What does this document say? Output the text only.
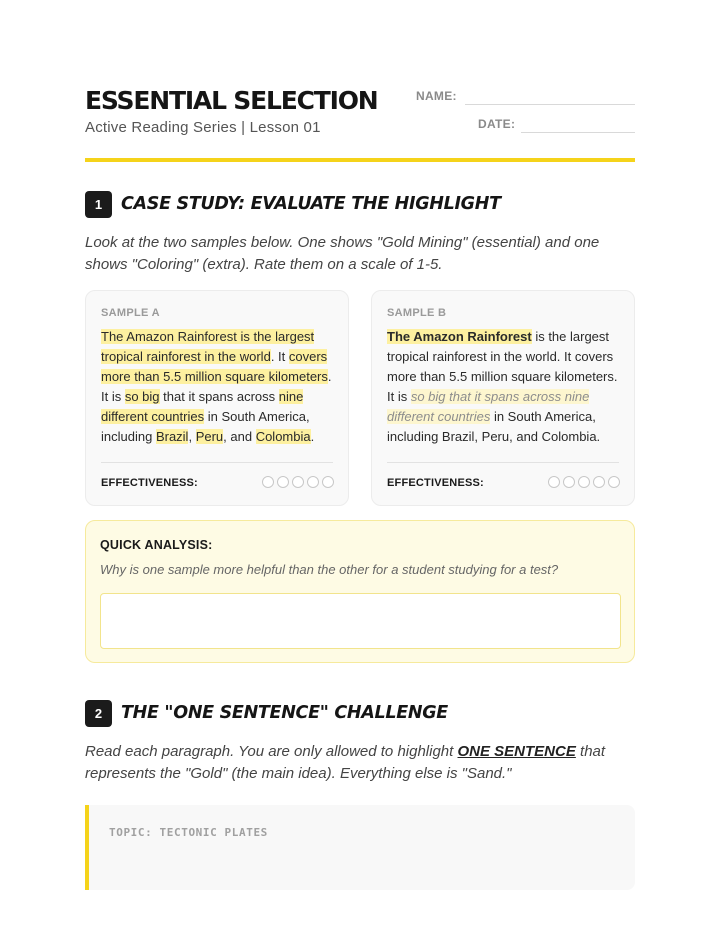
ESSENTIAL SELECTION
Active Reading Series | Lesson 01
NAME:
DATE:
1	CASE STUDY: EVALUATE THE HIGHLIGHT
Look at the two samples below. One shows "Gold Mining" (essential) and one shows "Coloring" (extra). Rate them on a scale of 1-5.
SAMPLE A
The Amazon Rainforest is the largest tropical rainforest in the world. It covers more than 5.5 million square kilometers. It is so big that it spans across nine different countries in South America, including Brazil, Peru, and Colombia.
EFFECTIVENESS:
SAMPLE B
The Amazon Rainforest is the largest tropical rainforest in the world. It covers more than 5.5 million square kilometers. It is so big that it spans across nine different countries in South America, including Brazil, Peru, and Colombia.
EFFECTIVENESS:
QUICK ANALYSIS:
Why is one sample more helpful than the other for a student studying for a test?
2	THE "ONE SENTENCE" CHALLENGE
Read each paragraph. You are only allowed to highlight ONE SENTENCE that represents the "Gold" (the main idea). Everything else is "Sand."
TOPIC: TECTONIC PLATES
